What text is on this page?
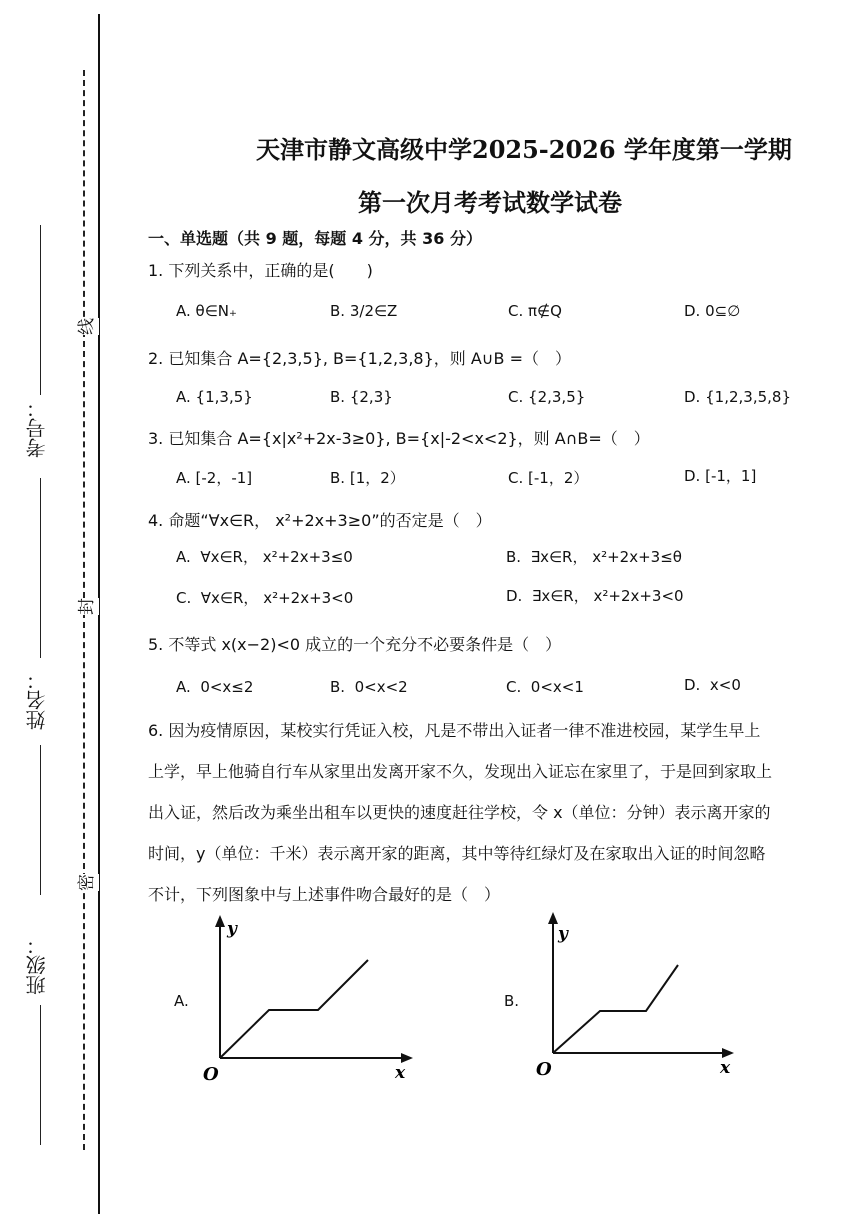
线
封
密
考号：
姓名：
班级：
天津市静文高级中学2025-2026 学年度第一学期
第一次月考考试数学试卷
一、单选题（共 9 题，每题 4 分，共 36 分）
1. 下列关系中，正确的是(　　)
A. θ∈N₊	B. 3/2∈Z	C. π∉Q	D. 0⊆∅
2. 已知集合 A={2,3,5}, B={1,2,3,8}，则 A∪B =（　）
A. {1,3,5}	B. {2,3}	C. {2,3,5}	D. {1,2,3,5,8}
3. 已知集合 A={x|x²+2x-3≥0}, B={x|-2<x<2}，则 A∩B=（　）
A. [-2，-1]	B. [1，2）	C. [-1，2）	D. [-1，1]
4. 命题“∀x∈R， x²+2x+3≥0”的否定是（　）
A. ∀x∈R， x²+2x+3≤0	B. ∃x∈R， x²+2x+3≤θ
C. ∀x∈R， x²+2x+3<0	D. ∃x∈R， x²+2x+3<0
5. 不等式 x(x−2)<0 成立的一个充分不必要条件是（　）
A. 0<x≤2	B. 0<x<2	C. 0<x<1	D. x<0
6. 因为疫情原因，某校实行凭证入校，凡是不带出入证者一律不准进校园，某学生早上
上学，早上他骑自行车从家里出发离开家不久，发现出入证忘在家里了，于是回到家取上
出入证，然后改为乘坐出租车以更快的速度赶往学校，令 x（单位：分钟）表示离开家的
时间，y（单位：千米）表示离开家的距离，其中等待红绿灯及在家取出入证的时间忽略
不计，下列图象中与上述事件吻合最好的是（　）
A.
y
x
O
B.
y
x
O
